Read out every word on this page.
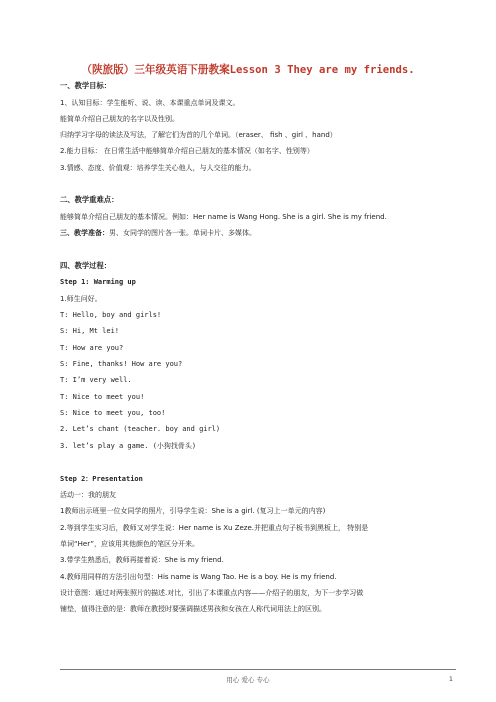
（陕旅版）三年级英语下册教案Lesson 3 They are my friends.
一、教学目标：
1、认知目标：学生能听、说、读、本课重点单词及课文。
能简单介绍自己朋友的名字以及性别。
归纳学习字母的读法及写法，了解它们为首的几个单词。（eraser、 fish 、girl 、hand）
2.能力目标： 在日常生活中能够简单介绍自己朋友的基本情况（如名字、性别等）
3.情感、态度、价值观：培养学生关心他人，与人交往的能力。
二、教学重难点：
能够简单介绍自己朋友的基本情况。例如：Her name is Wang Hong. She is a girl. She is my friend.
三、教学准备：男、女同学的图片各一张。单词卡片、多媒体。
四、教学过程：
Step 1: Warming up
1.师生问好。
T: Hello, boy and girls!
S: Hi, Mt lei!
T: How are you?
S: Fine, thanks! How are you?
T: I’m very well.
T: Nice to meet you!
S: Nice to meet you, too!
2. Let’s chant (teacher. boy and girl)
3. let’s play a game. (小狗找骨头)
Step 2：Presentation
活动一：我的朋友
1教师出示班里一位女同学的照片，引导学生说：She is a girl. (复习上一单元的内容)
2.等到学生实习后，教师又对学生说：Her name is Xu Zeze.并把重点句子板书到黑板上， 特别是
单词“Her”，应该用其他颜色的笔区分开来。
3.带学生熟悉后，教师再接着说：She is my friend.
4.教师用同样的方法引出句型：His name is Wang Tao. He is a boy. He is my friend.
设计意图：通过对两张照片的描述.对比，引出了本课重点内容——介绍子的朋友，为下一步学习做
铺垫，值得注意的是：教师在教授时要强调描述男孩和女孩在人称代词用法上的区别。
用心 爱心 专心	1
